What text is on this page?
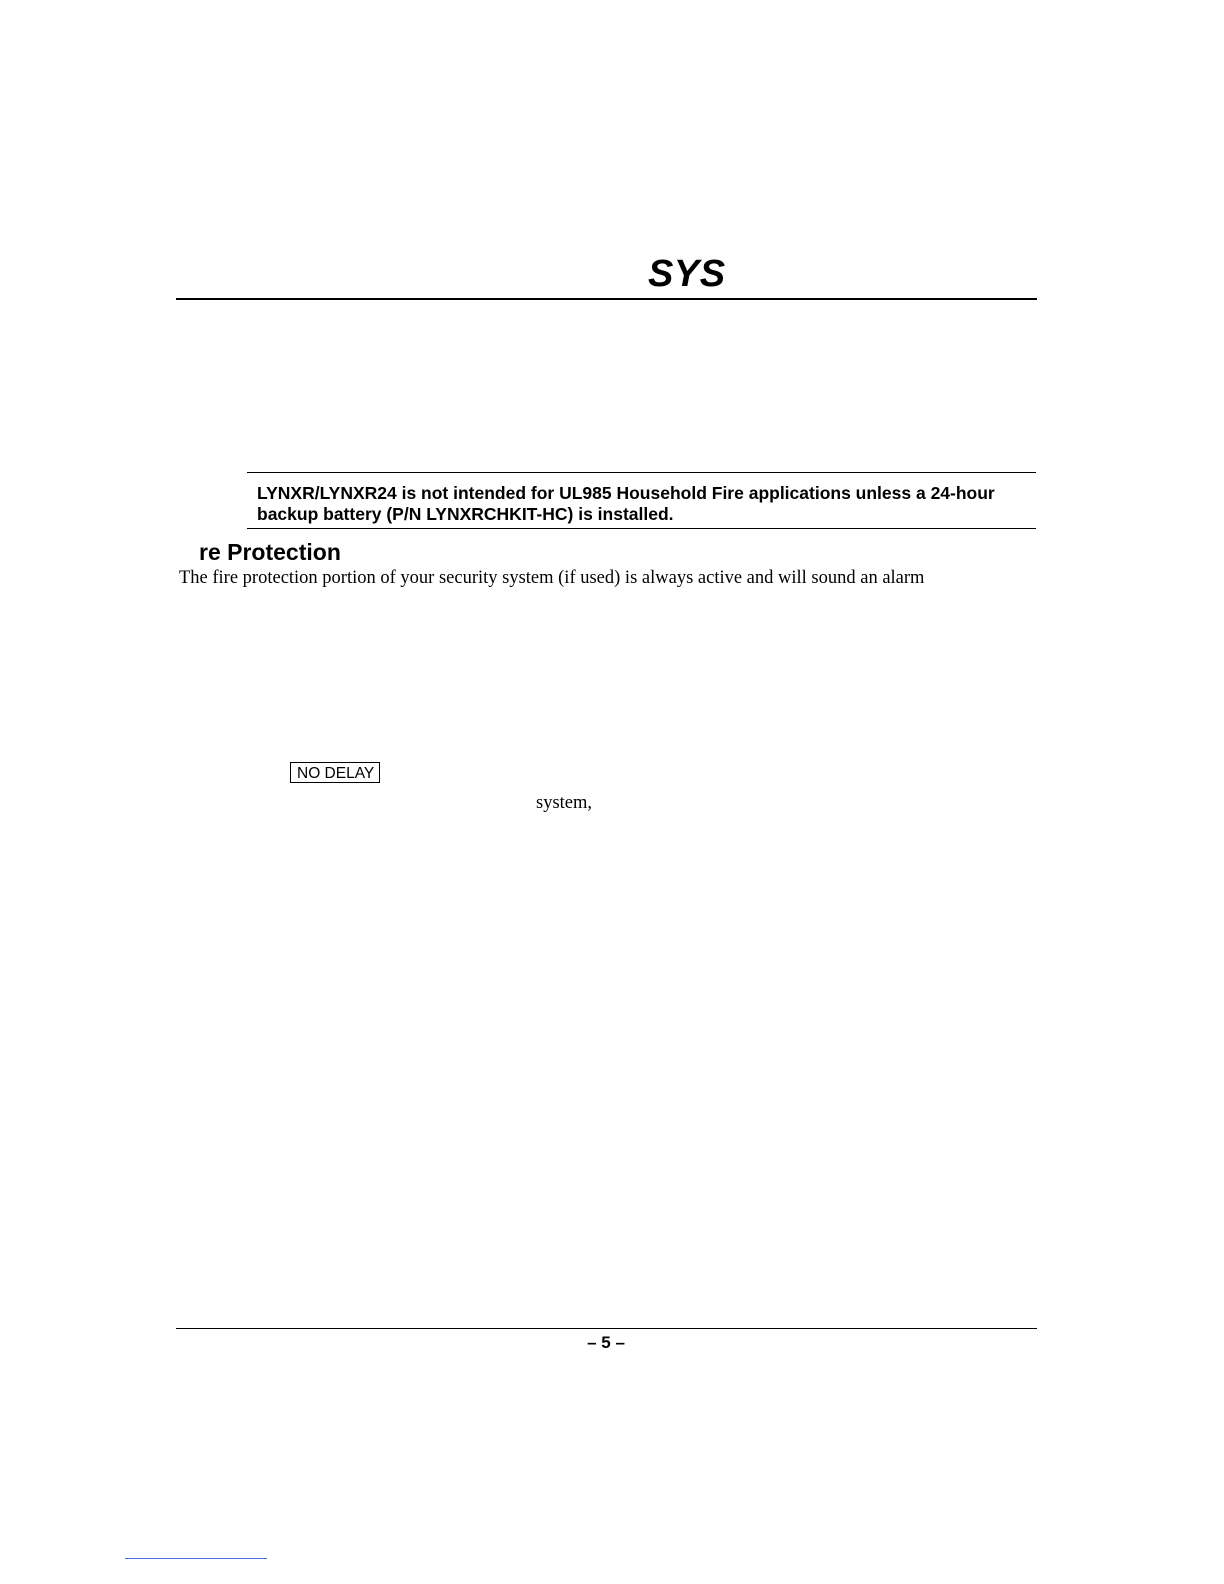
SYS

LYNXR/LYNXR24 is not intended for UL985 Household Fire applications unless a 24-hour backup battery (P/N LYNXRCHKIT-HC) is installed.

re Protection

The fire protection portion of your security system (if used) is always active and will sound an alarm

NO DELAY

system,

– 5 –
